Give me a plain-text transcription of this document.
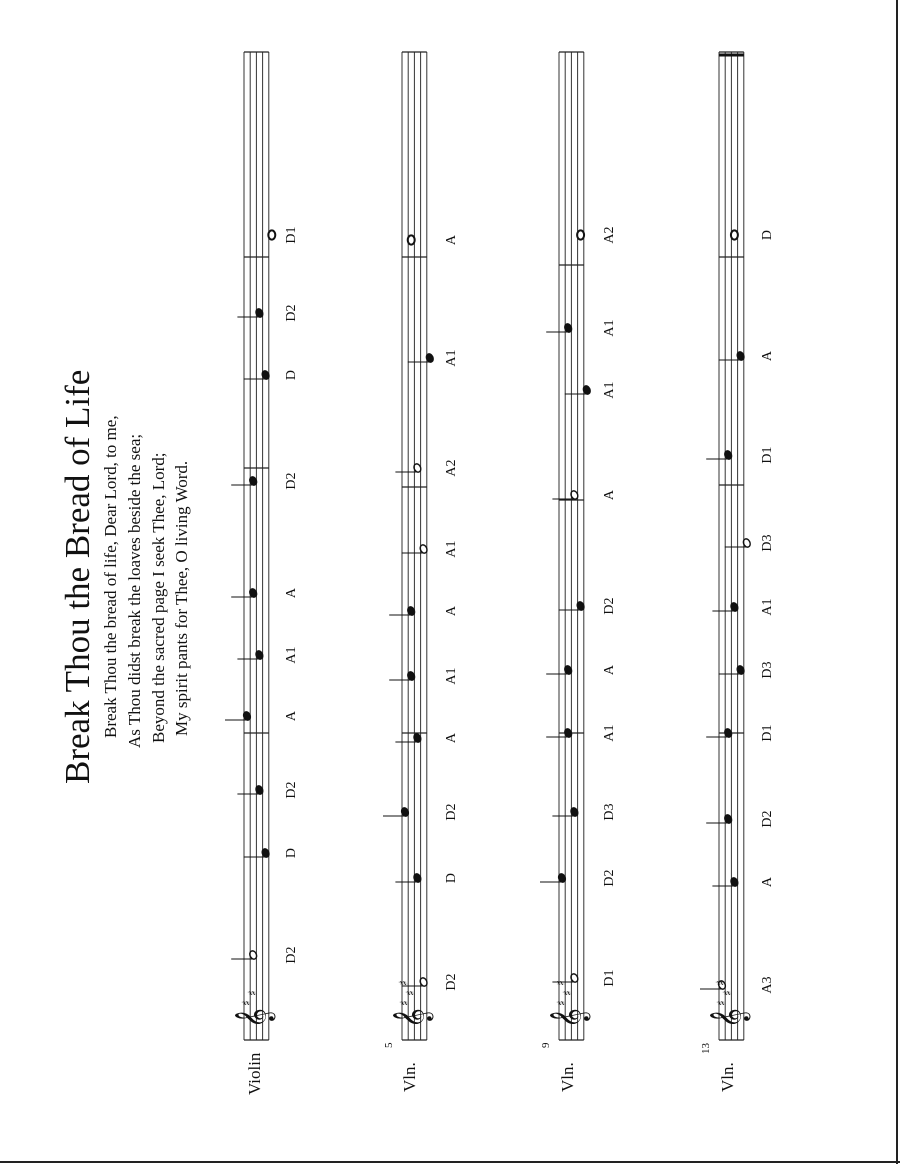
Break Thou the Bread of Life Break Thou the bread of life, Dear Lord, to me, As Thou didst break the loaves beside the sea; Beyond the sacred page I seek Thee, Lord; My spirit pants for Thee, O living Word.
Violin	Vln.
5
Vln.
9
Vln.
13
𝄞
♯
♯
𝄞
♯
♯
♯
𝄞
♯
♯
♯
𝄞
♯
♯
♯
D2
D
D2
A
A1
A
D2
D
D2
D1
D2
D
D2
A
A1
A
A1
A2
A1
A
D1
D2
D3
A1
A
D2
A
A1
A1
A2
A3
A
D2
D1
D3
A1
D3
D1
A
D
